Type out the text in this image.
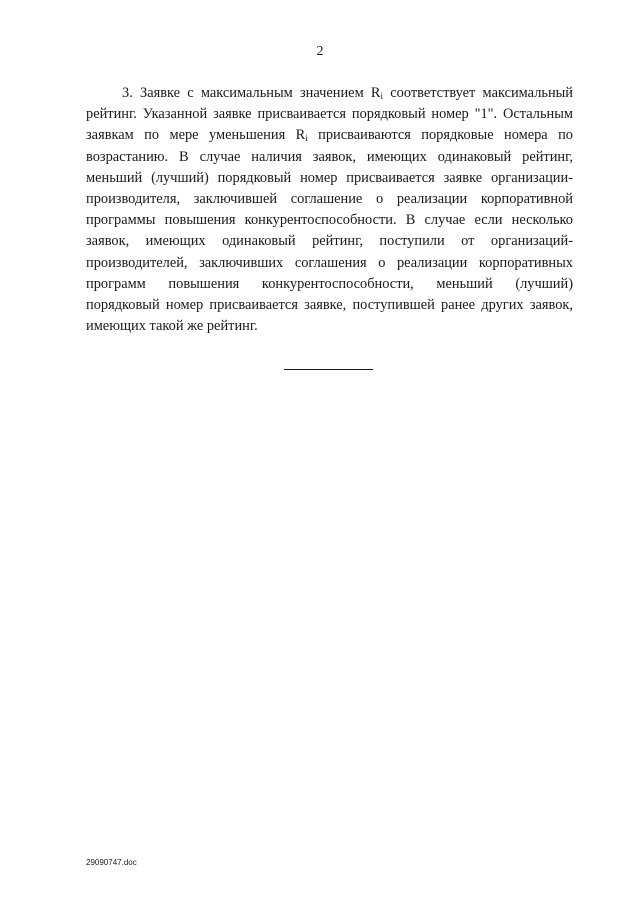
2

3. Заявке с максимальным значением $R_i$ соответствует максимальный рейтинг. Указанной заявке присваивается порядковый номер "1". Остальным заявкам по мере уменьшения $R_i$ присваиваются порядковые номера по возрастанию. В случае наличия заявок, имеющих одинаковый рейтинг, меньший (лучший) порядковый номер присваивается заявке организации-производителя, заключившей соглашение о реализации корпоративной программы повышения конкурентоспособности. В случае если несколько заявок, имеющих одинаковый рейтинг, поступили от организаций-производителей, заключивших соглашения о реализации корпоративных программ повышения конкурентоспособности, меньший (лучший) порядковый номер присваивается заявке, поступившей ранее других заявок, имеющих такой же рейтинг.

29090747.doc
